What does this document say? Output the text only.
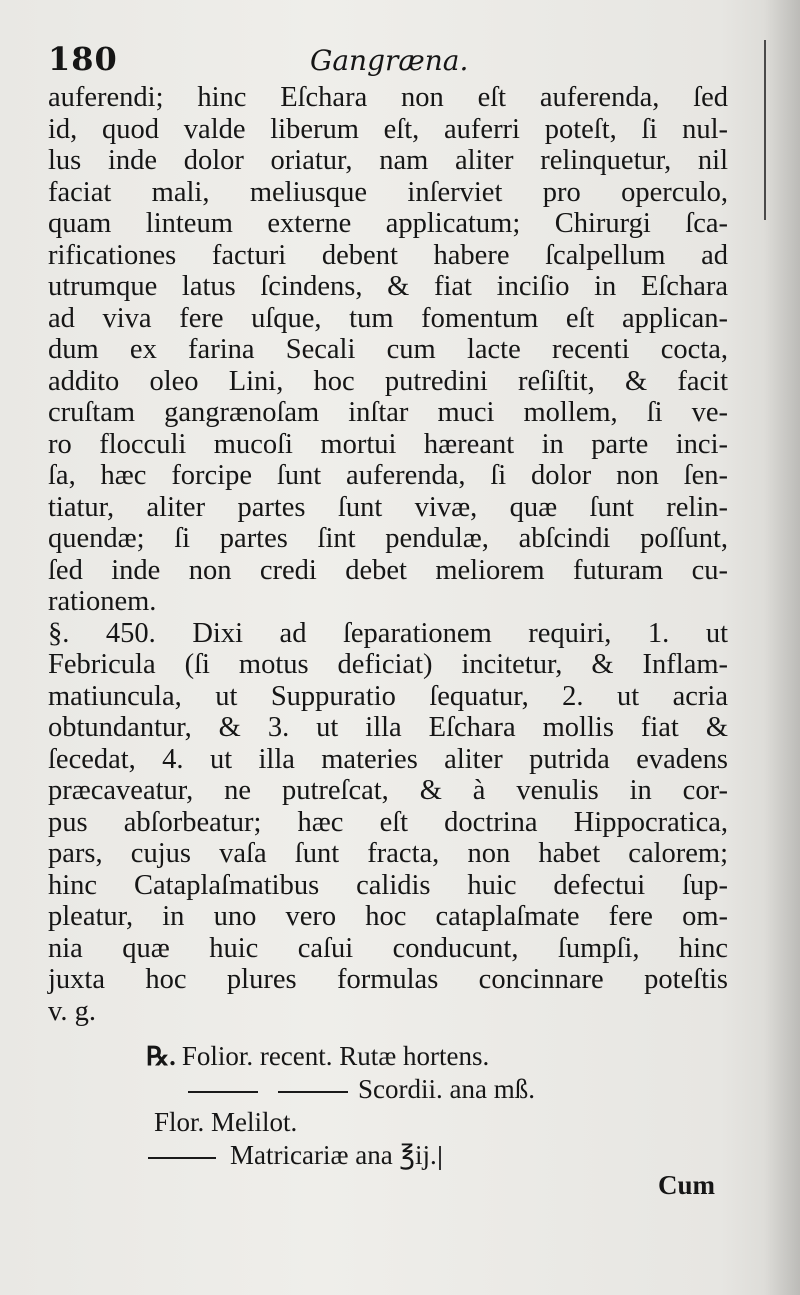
180	Gangræna.
auferendi; hinc Eſchara non eſt auferenda, ſed
id, quod valde liberum eſt, auferri poteſt, ſi nul-
lus inde dolor oriatur, nam aliter relinquetur, nil
faciat mali, meliusque inſerviet pro operculo,
quam linteum externe applicatum; Chirurgi ſca-
rificationes facturi debent habere ſcalpellum ad
utrumque latus ſcindens, & fiat inciſio in Eſchara
ad viva fere uſque, tum fomentum eſt applican-
dum ex farina Secali cum lacte recenti cocta,
addito oleo Lini, hoc putredini reſiſtit, & facit
cruſtam gangrænoſam inſtar muci mollem, ſi ve-
ro flocculi mucoſi mortui hæreant in parte inci-
ſa, hæc forcipe ſunt auferenda, ſi dolor non ſen-
tiatur, aliter partes ſunt vivæ, quæ ſunt relin-
quendæ; ſi partes ſint pendulæ, abſcindi poſſunt,
ſed inde non credi debet meliorem futuram cu-
rationem.
§. 450. Dixi ad ſeparationem requiri, 1. ut
Febricula (ſi motus deficiat) incitetur, & Inflam-
matiuncula, ut Suppuratio ſequatur, 2. ut acria
obtundantur, & 3. ut illa Eſchara mollis fiat &
ſecedat, 4. ut illa materies aliter putrida evadens
præcaveatur, ne putreſcat, & à venulis in cor-
pus abſorbeatur; hæc eſt doctrina Hippocratica,
pars, cujus vaſa ſunt fracta, non habet calorem;
hinc Cataplaſmatibus calidis huic defectui ſup-
pleatur, in uno vero hoc cataplaſmate fere om-
nia quæ huic caſui conducunt, ſumpſi, hinc
juxta hoc plures formulas concinnare poteſtis
v. g.
℞. Folior. recent. Rutæ hortens.
Scordii. ana mß.
Flor. Melilot.
Matricariæ ana ℥ij.
Cum
